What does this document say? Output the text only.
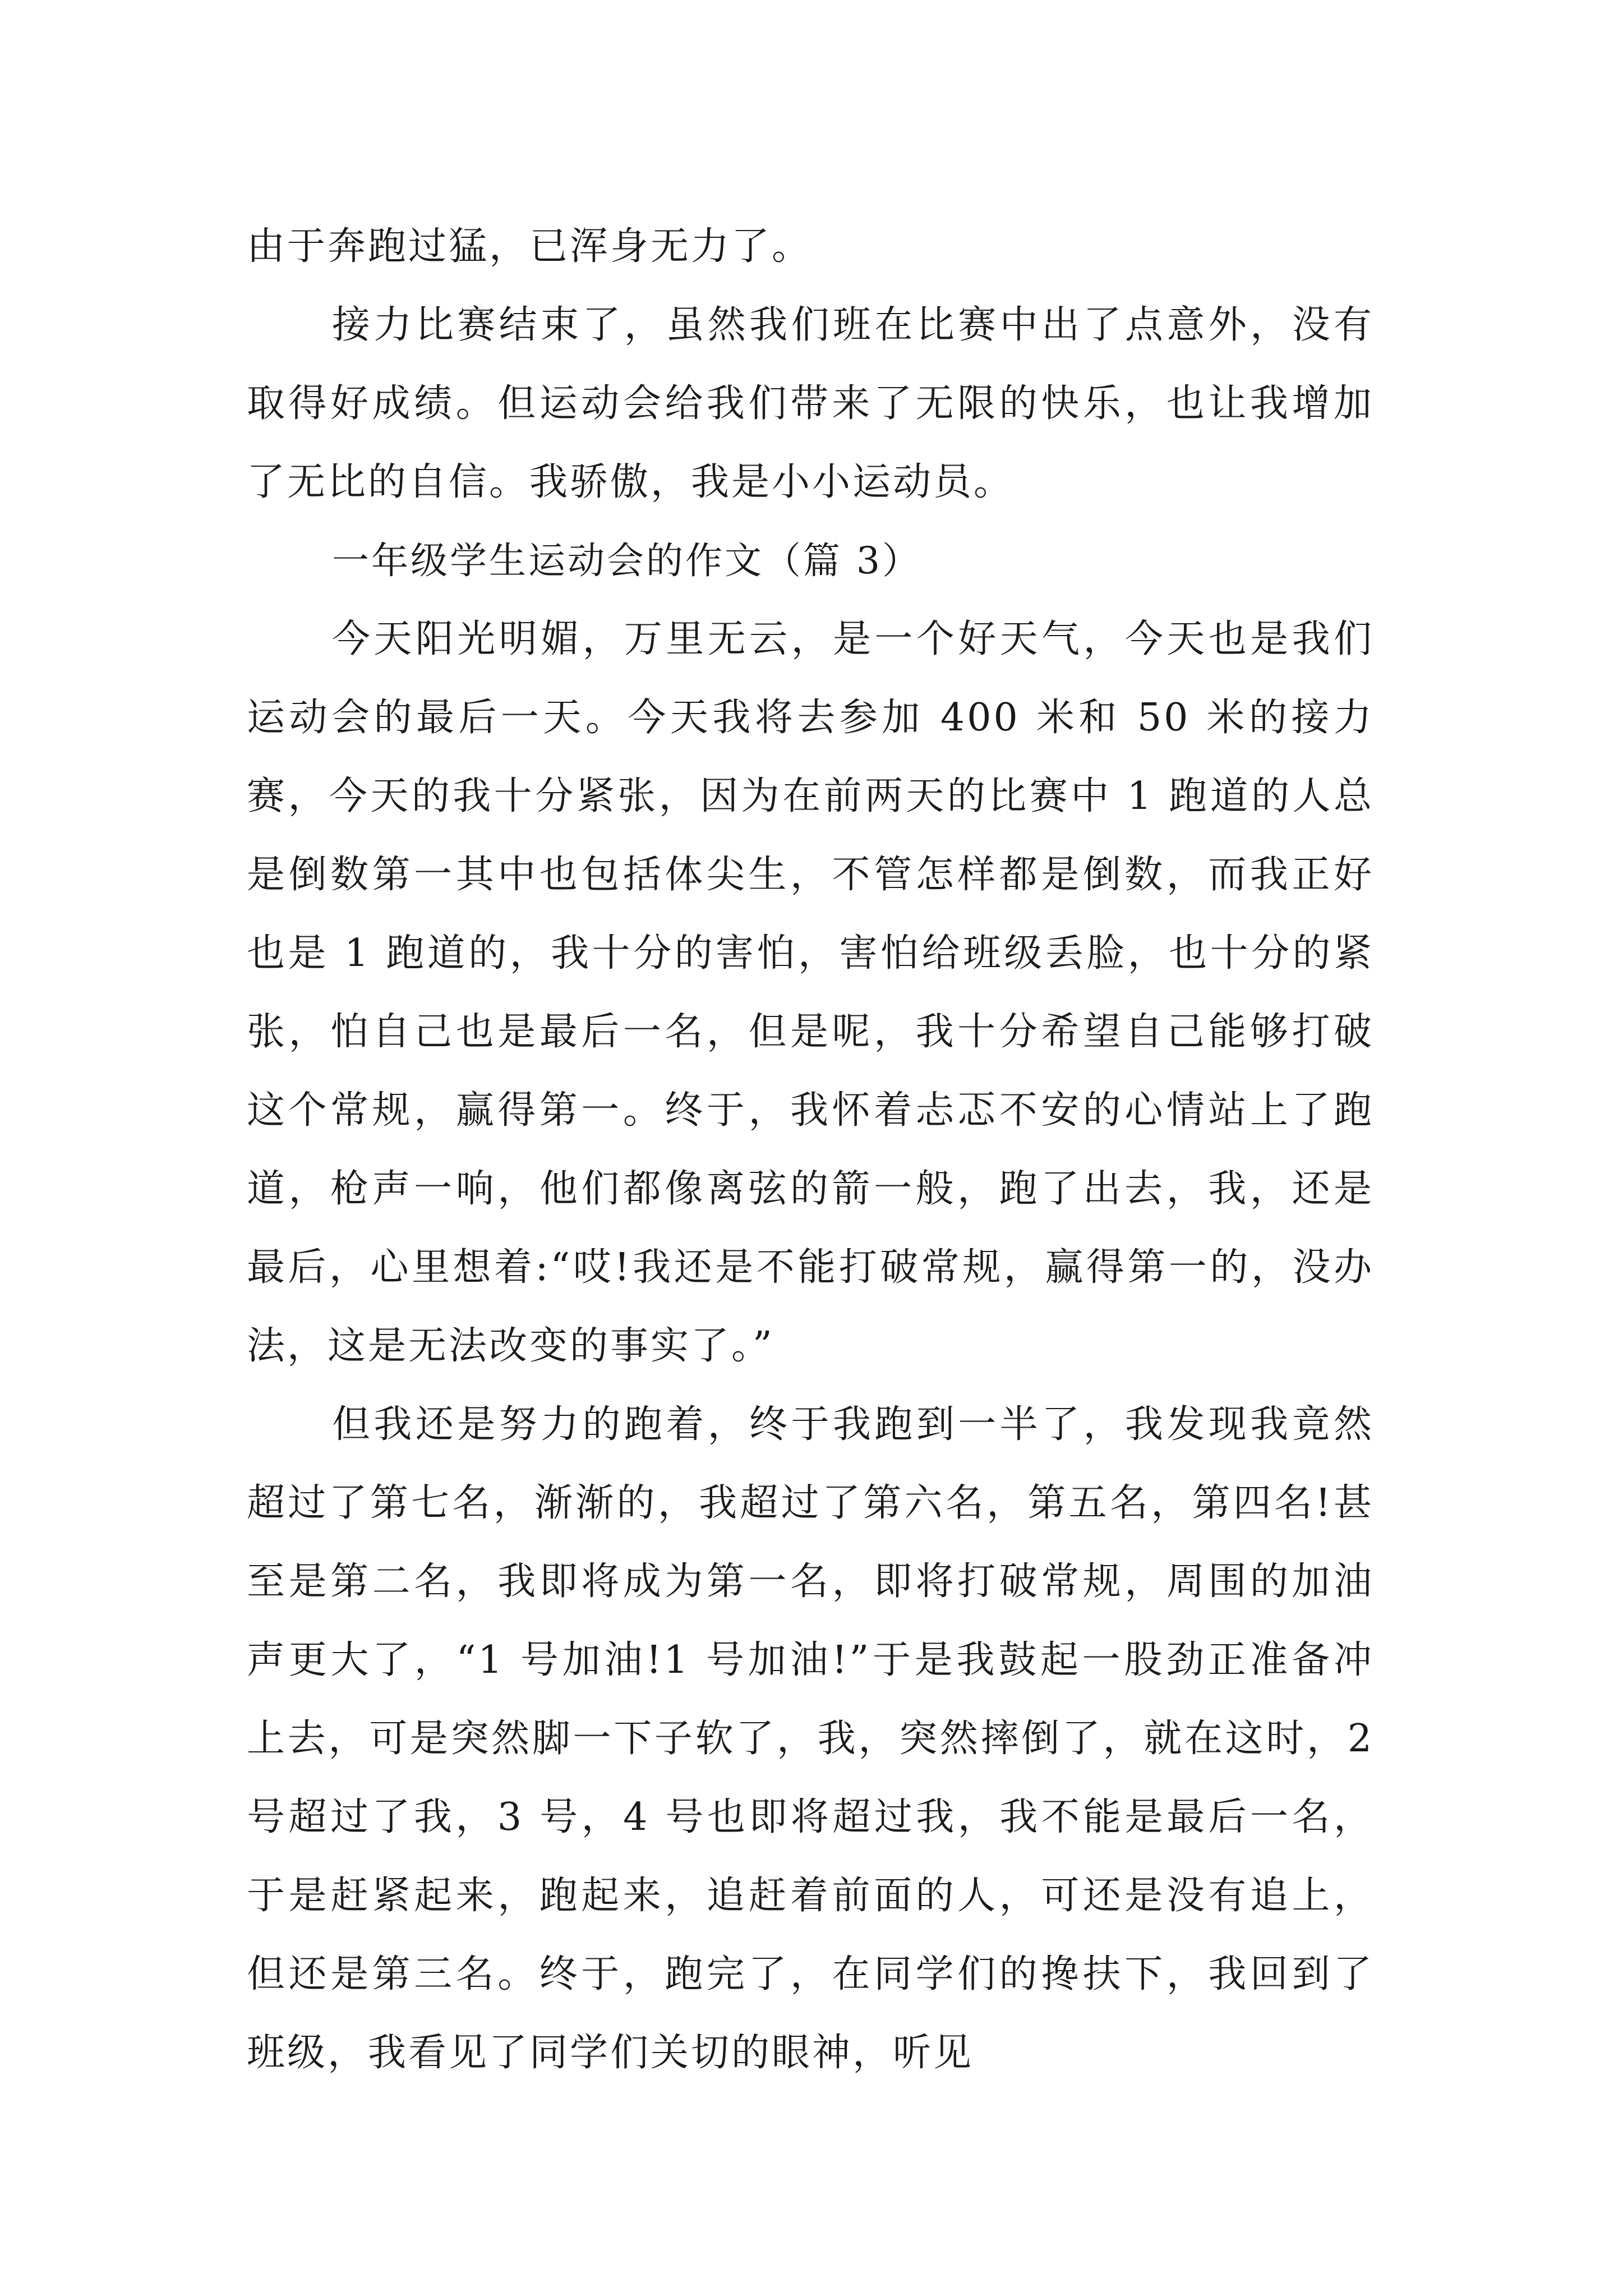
由于奔跑过猛，已浑身无力了。

接力比赛结束了，虽然我们班在比赛中出了点意外，没有取得好成绩。但运动会给我们带来了无限的快乐，也让我增加了无比的自信。我骄傲，我是小小运动员。

一年级学生运动会的作文（篇 3）

今天阳光明媚，万里无云，是一个好天气，今天也是我们运动会的最后一天。今天我将去参加 400 米和 50 米的接力赛，今天的我十分紧张，因为在前两天的比赛中 1 跑道的人总是倒数第一其中也包括体尖生，不管怎样都是倒数，而我正好也是 1 跑道的，我十分的害怕，害怕给班级丢脸，也十分的紧张，怕自己也是最后一名，但是呢，我十分希望自己能够打破这个常规，赢得第一。终于，我怀着忐忑不安的心情站上了跑道，枪声一响，他们都像离弦的箭一般，跑了出去，我，还是最后，心里想着:“哎!我还是不能打破常规，赢得第一的，没办法，这是无法改变的事实了。”

但我还是努力的跑着，终于我跑到一半了，我发现我竟然超过了第七名，渐渐的，我超过了第六名，第五名，第四名!甚至是第二名，我即将成为第一名，即将打破常规，周围的加油声更大了，“1 号加油!1 号加油!”于是我鼓起一股劲正准备冲上去，可是突然脚一下子软了，我，突然摔倒了，就在这时，2 号超过了我，3 号，4 号也即将超过我，我不能是最后一名，于是赶紧起来，跑起来，追赶着前面的人，可还是没有追上，但还是第三名。终于，跑完了，在同学们的搀扶下，我回到了班级，我看见了同学们关切的眼神，听见
